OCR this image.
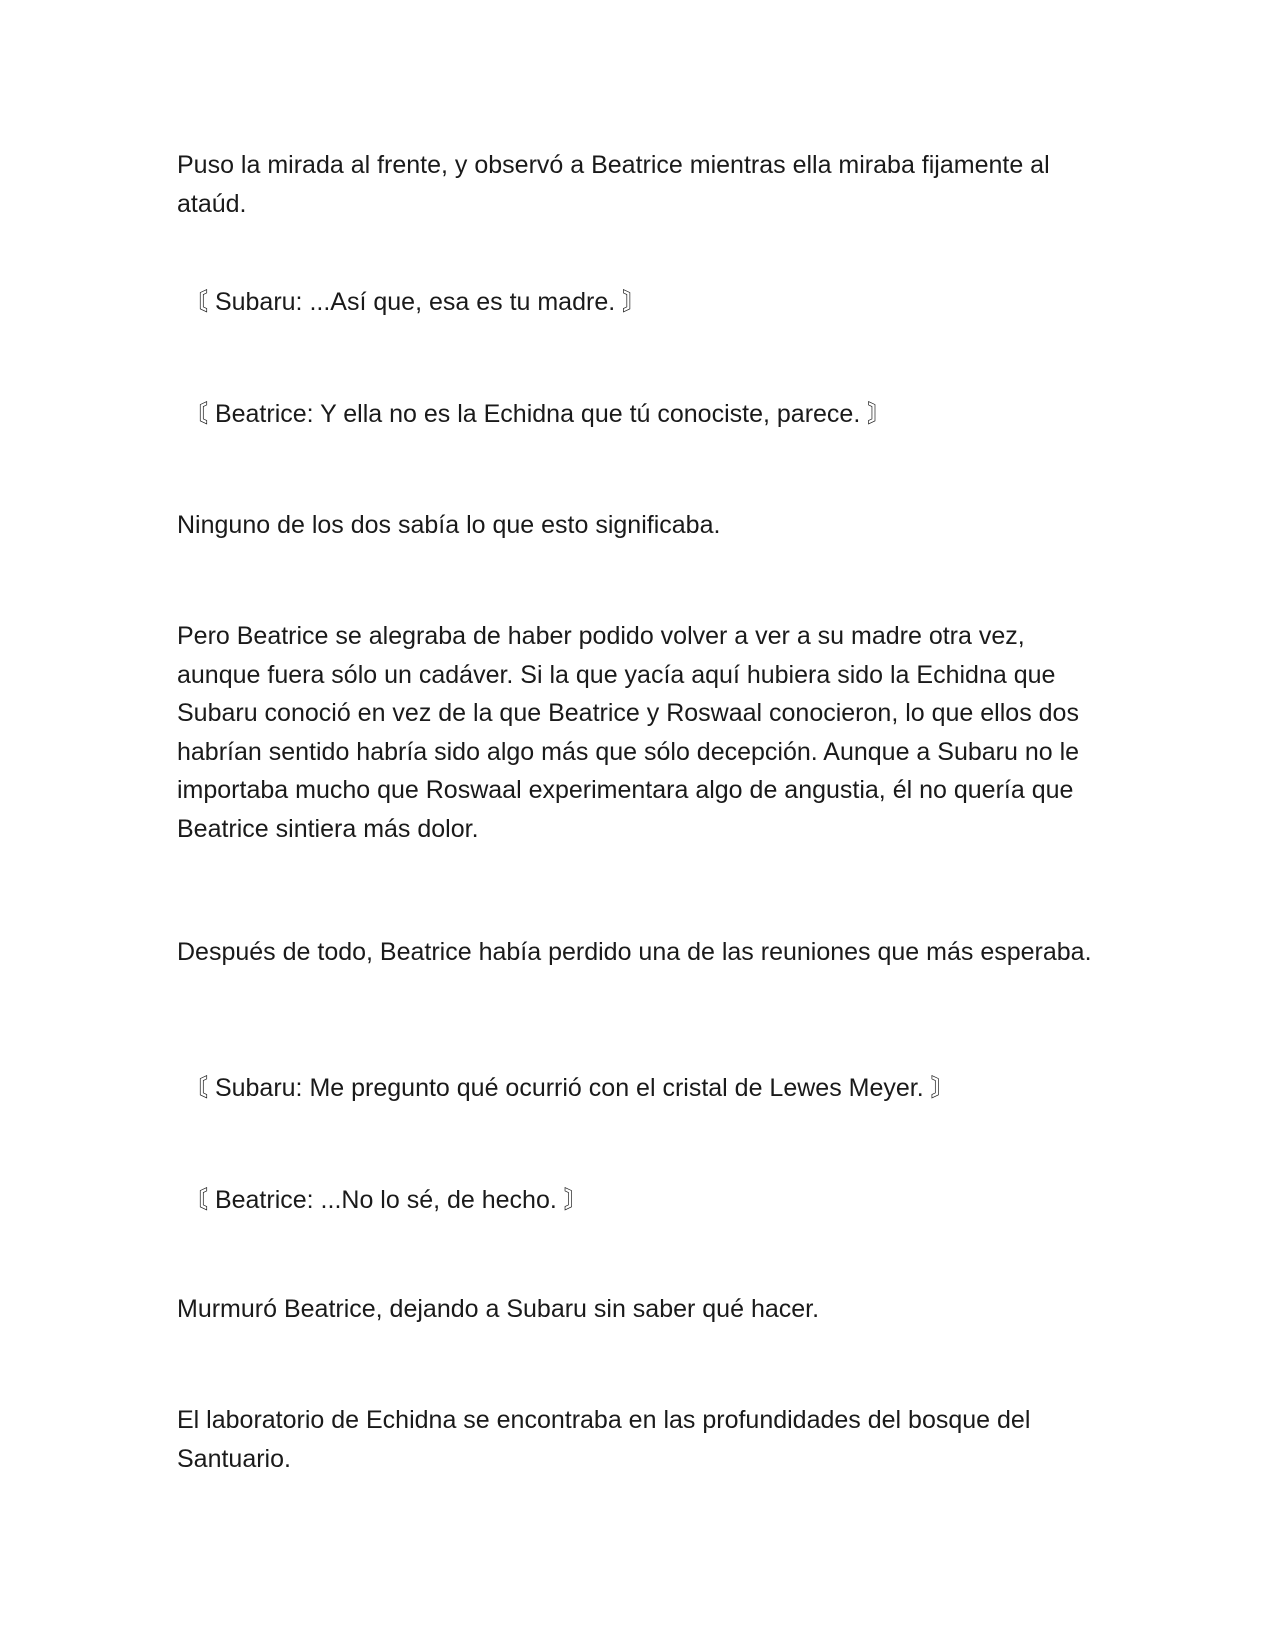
Puso la mirada al frente, y observó a Beatrice mientras ella miraba fijamente al ataúd.

〘 Subaru: ...Así que, esa es tu madre. 〙

〘 Beatrice: Y ella no es la Echidna que tú conociste, parece. 〙

Ninguno de los dos sabía lo que esto significaba.

Pero Beatrice se alegraba de haber podido volver a ver a su madre otra vez, aunque fuera sólo un cadáver. Si la que yacía aquí hubiera sido la Echidna que Subaru conoció en vez de la que Beatrice y Roswaal conocieron, lo que ellos dos habrían sentido habría sido algo más que sólo decepción. Aunque a Subaru no le importaba mucho que Roswaal experimentara algo de angustia, él no quería que Beatrice sintiera más dolor.

Después de todo, Beatrice había perdido una de las reuniones que más esperaba.

〘 Subaru: Me pregunto qué ocurrió con el cristal de Lewes Meyer. 〙

〘 Beatrice: ...No lo sé, de hecho. 〙

Murmuró Beatrice, dejando a Subaru sin saber qué hacer.

El laboratorio de Echidna se encontraba en las profundidades del bosque del Santuario.
